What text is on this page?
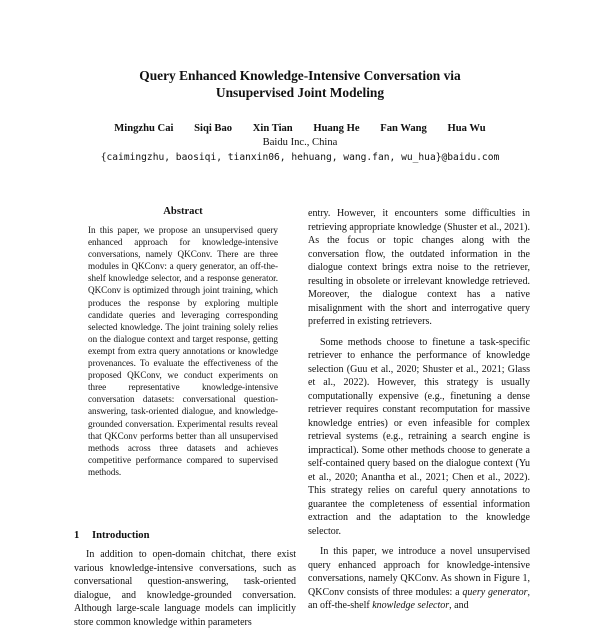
Query Enhanced Knowledge-Intensive Conversation via
Unsupervised Joint Modeling
Mingzhu Cai Siqi Bao Xin Tian Huang He Fan Wang Hua Wu
Baidu Inc., China
{caimingzhu, baosiqi, tianxin06, hehuang, wang.fan, wu_hua}@baidu.com
Abstract
In this paper, we propose an unsupervised query enhanced approach for knowledge-intensive conversations, namely QKConv. There are three modules in QKConv: a query generator, an off-the-shelf knowledge selector, and a response generator. QKConv is optimized through joint training, which produces the response by exploring multiple candidate queries and leveraging corresponding selected knowledge. The joint training solely relies on the dialogue context and target response, getting exempt from extra query annotations or knowledge provenances. To evaluate the effectiveness of the proposed QKConv, we conduct experiments on three representative knowledge-intensive conversation datasets: conversational question-answering, task-oriented dialogue, and knowledge-grounded conversation. Experimental results reveal that QKConv performs better than all unsupervised methods across three datasets and achieves competitive performance compared to supervised methods.
1 Introduction

In addition to open-domain chitchat, there exist various knowledge-intensive conversations, such as conversational question-answering, task-oriented dialogue, and knowledge-grounded conversation. Although large-scale language models can implicitly store common knowledge within parameters

entry. However, it encounters some difficulties in retrieving appropriate knowledge (Shuster et al., 2021). As the focus or topic changes along with the conversation flow, the outdated information in the dialogue context brings extra noise to the retriever, resulting in obsolete or irrelevant knowledge retrieved. Moreover, the dialogue context has a native misalignment with the short and interrogative query preferred in existing retrievers.

Some methods choose to finetune a task-specific retriever to enhance the performance of knowledge selection (Guu et al., 2020; Shuster et al., 2021; Glass et al., 2022). However, this strategy is usually computationally expensive (e.g., finetuning a dense retriever requires constant recomputation for massive knowledge entries) or even infeasible for complex retrieval systems (e.g., retraining a search engine is impractical). Some other methods choose to generate a self-contained query based on the dialogue context (Yu et al., 2020; Anantha et al., 2021; Chen et al., 2022). This strategy relies on careful query annotations to guarantee the completeness of essential information extraction and the adaptation to the knowledge selector.

In this paper, we introduce a novel unsupervised query enhanced approach for knowledge-intensive conversations, namely QKConv. As shown in Figure 1, QKConv consists of three modules: a query generator, an off-the-shelf knowledge selector, and
